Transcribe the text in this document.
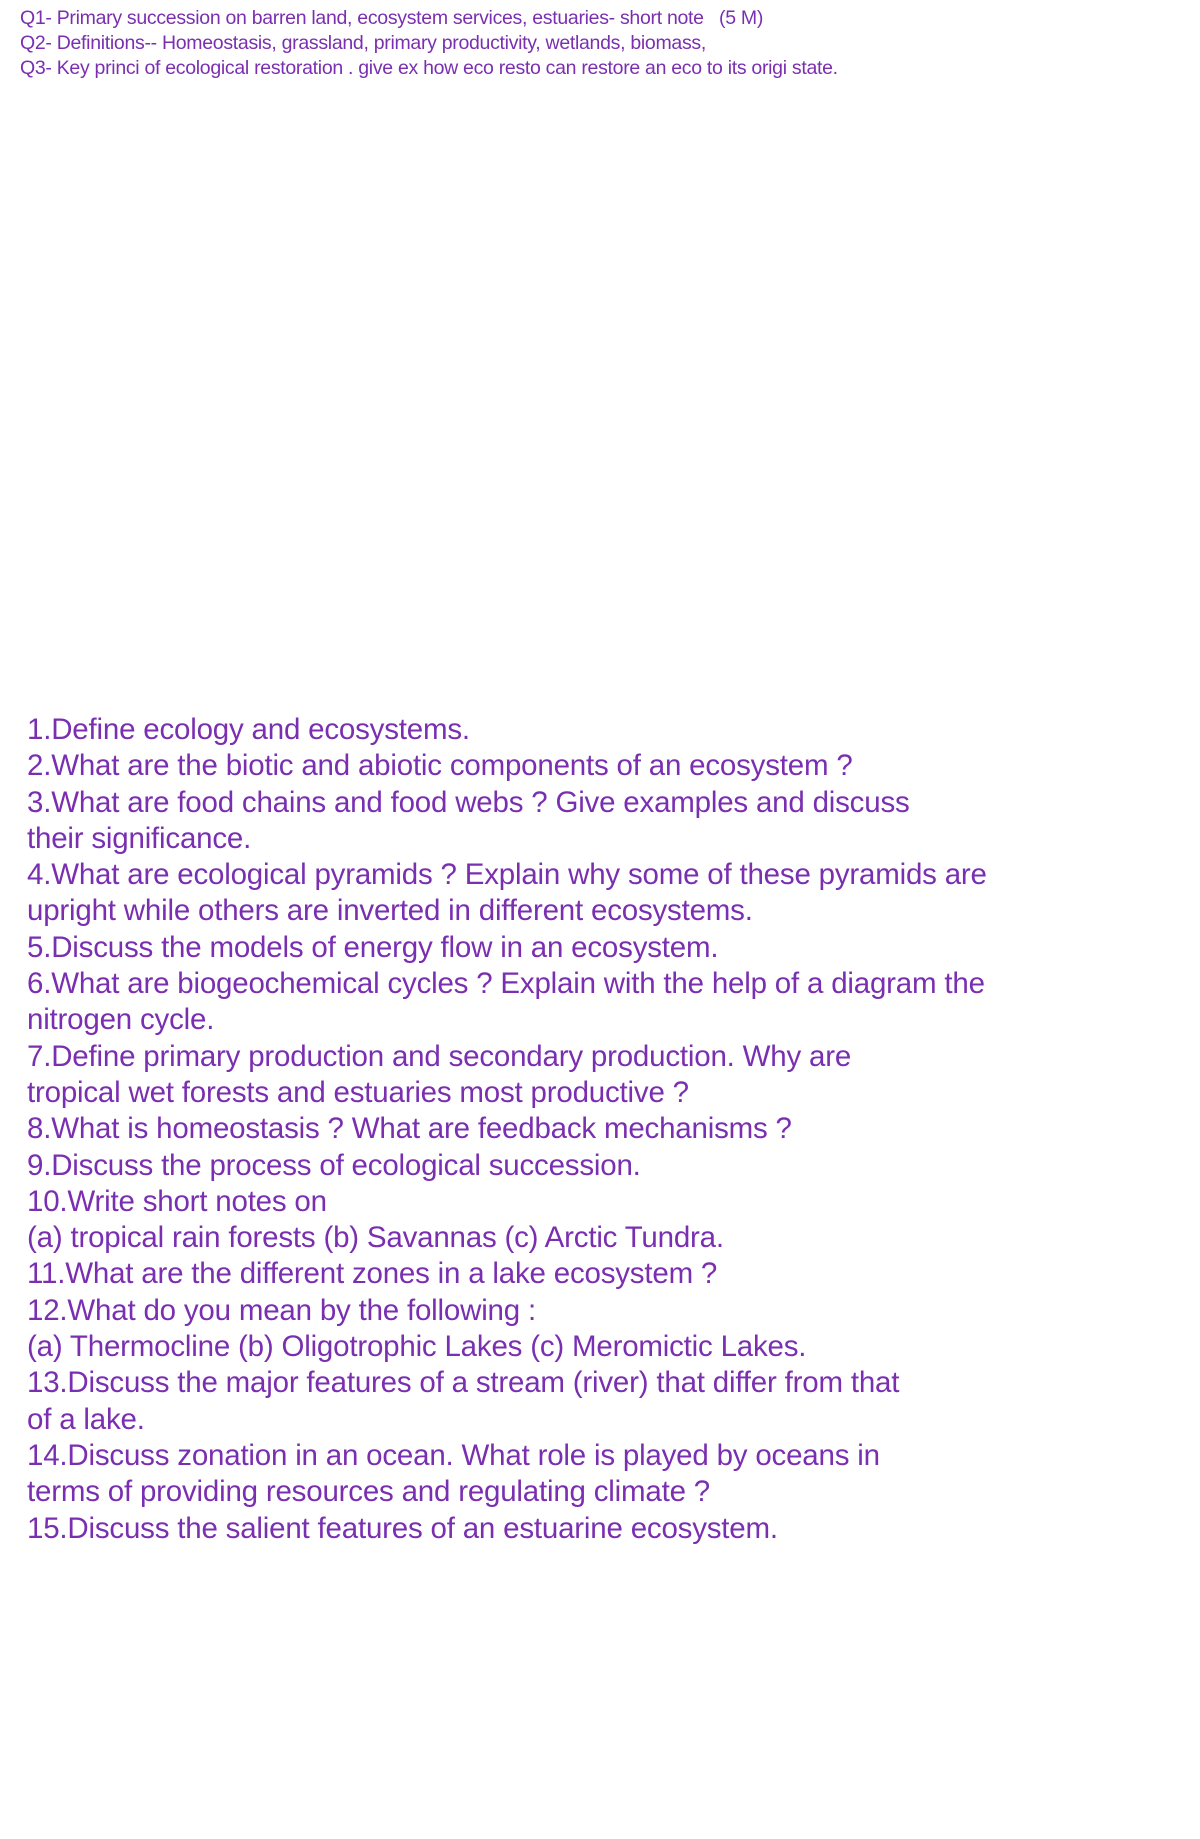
Q1- Primary succession on barren land, ecosystem services, estuaries- short note   (5 M)
Q2- Definitions-- Homeostasis, grassland, primary productivity, wetlands, biomass,
Q3- Key princi of ecological restoration . give ex how eco resto can restore an eco to its origi state.
1.Define ecology and ecosystems.
2.What are the biotic and abiotic components of an ecosystem ?
3.What are food chains and food webs ? Give examples and discuss
their significance.
4.What are ecological pyramids ? Explain why some of these pyramids are
upright while others are inverted in different ecosystems.
5.Discuss the models of energy flow in an ecosystem.
6.What are biogeochemical cycles ? Explain with the help of a diagram the
nitrogen cycle.
7.Define primary production and secondary production. Why are
tropical wet forests and estuaries most productive ?
8.What is homeostasis ? What are feedback mechanisms ?
9.Discuss the process of ecological succession.
10.Write short notes on
(a) tropical rain forests (b) Savannas (c) Arctic Tundra.
11.What are the different zones in a lake ecosystem ?
12.What do you mean by the following :
(a) Thermocline (b) Oligotrophic Lakes (c) Meromictic Lakes.
13.Discuss the major features of a stream (river) that differ from that
of a lake.
14.Discuss zonation in an ocean. What role is played by oceans in
terms of providing resources and regulating climate ?
15.Discuss the salient features of an estuarine ecosystem.
